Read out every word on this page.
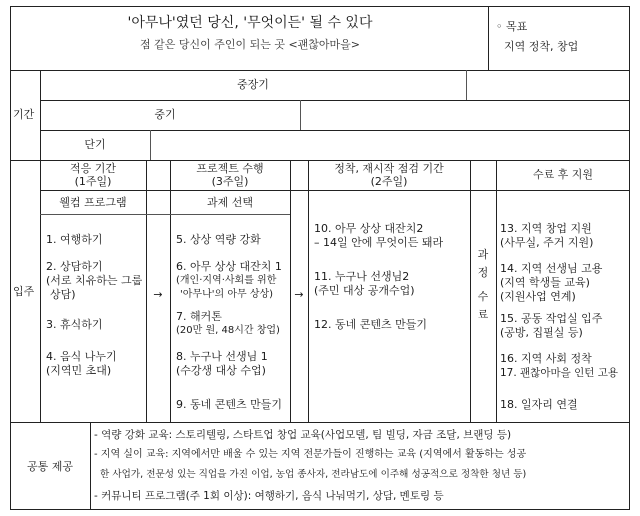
'아무나'였던 당신, '무엇이든' 될 수 있다
점 같은 당신이 주인이 되는 곳 <괜찮아마을>
◦ 목표
지역 정착, 창업
기간
중장기
중기
단기
입주
적응 기간
(1주일)
웰컴 프로그램
1. 여행하기
2. 상담하기
(서로 치유하는 그룹
상담)
3. 휴식하기
4. 음식 나누기
(지역민 초대)
→
프로젝트 수행
(3주일)
과제 선택
5. 상상 역량 강화
6. 아무 상상 대잔치 1
(개인·지역·사회를 위한
'아무나'의 아무 상상)
7. 해커톤
(20만 원, 48시간 창업)
8. 누구나 선생님 1
(수강생 대상 수업)
9. 동네 콘텐츠 만들기
→
정착, 재시작 점검 기간
(2주일)
10. 아무 상상 대잔치2
– 14일 안에 무엇이든 돼라
11. 누구나 선생님2
(주민 대상 공개수업)
12. 동네 콘텐츠 만들기
과
정
수
료
수료 후 지원
13. 지역 창업 지원
(사무실, 주거 지원)
14. 지역 선생님 고용
(지역 학생들 교육)
(지원사업 연계)
15. 공동 작업실 입주
(공방, 집필실 등)
16. 지역 사회 정착
17. 괜찮아마을 인턴 고용
18. 일자리 연결
공통 제공
- 역량 강화 교육: 스토리텔링, 스타트업 창업 교육(사업모델, 팀 빌딩, 자금 조달, 브랜딩 등)
- 지역 실이 교육: 지역에서만 배울 수 있는 지역 전문가들이 진행하는 교육 (지역에서 활동하는 성공
한 사업가, 전문성 있는 직업을 가진 이업, 농업 종사자, 전라남도에 이주해 성공적으로 정착한 청년 등)
- 커뮤니티 프로그램(주 1회 이상): 여행하기, 음식 나눠먹기, 상담, 멘토링 등
